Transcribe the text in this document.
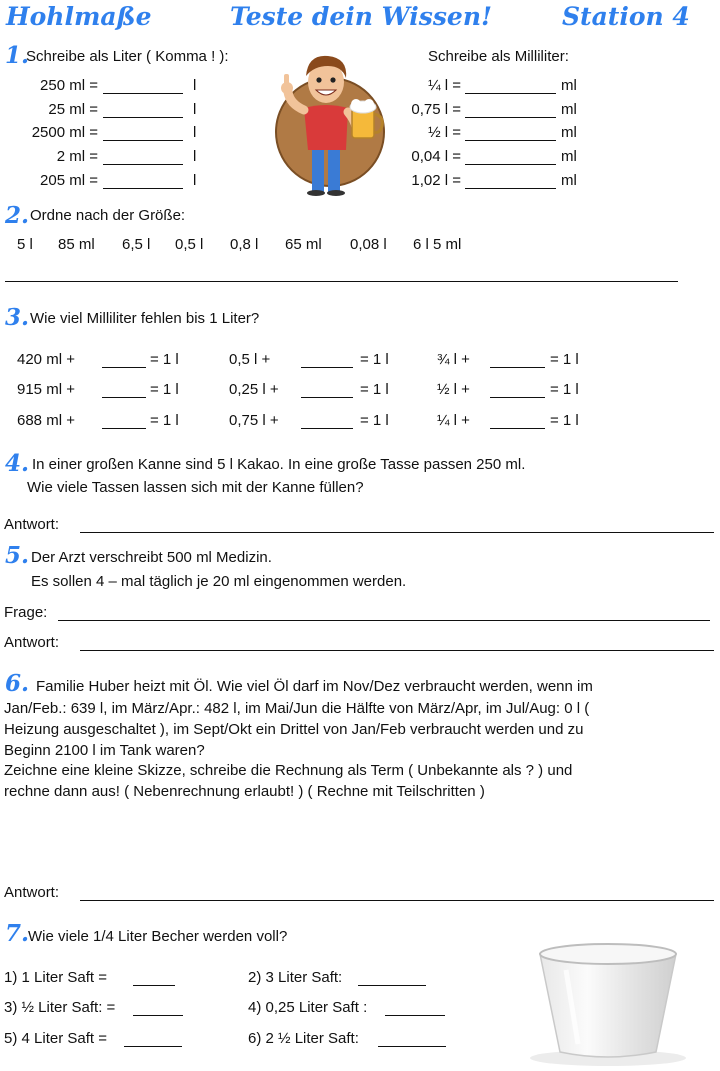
Hohlmaße	Teste dein Wissen!	Station 4
1.
Schreibe als Liter ( Komma ! ):	Schreibe als Milliliter:
250 ml =	l
25 ml =	l
2500 ml =	l
2 ml =	l
205 ml =	l
¼ l =	ml
0,75 l =	ml
½ l =	ml
0,04 l =	ml
1,02 l =	ml
2. Ordne nach der Größe:
5 l 85 ml 6,5 l 0,5 l 0,8 l 65 ml 0,08 l 6 l 5 ml
3. Wie viel Milliliter fehlen bis 1 Liter?
420 ml +	= 1 l	0,5 l +	= 1 l	¾ l +	= 1 l
915 ml +	= 1 l	0,25 l +	= 1 l	½ l +	= 1 l
688 ml +	= 1 l	0,75 l +	= 1 l	¼ l +	= 1 l
4. In einer großen Kanne sind 5 l Kakao. In eine große Tasse passen 250 ml.
Wie viele Tassen lassen sich mit der Kanne füllen?
Antwort:
5. Der Arzt verschreibt 500 ml Medizin.
Es sollen 4 – mal täglich je 20 ml eingenommen werden.
Frage:
Antwort:
6. Familie Huber heizt mit Öl. Wie viel Öl darf im Nov/Dez verbraucht werden, wenn im
Jan/Feb.: 639 l, im März/Apr.: 482 l, im Mai/Jun die Hälfte von März/Apr, im Jul/Aug: 0 l (
Heizung ausgeschaltet ), im Sept/Okt ein Drittel von Jan/Feb verbraucht werden und zu
Beginn 2100 l im Tank waren?
Zeichne eine kleine Skizze, schreibe die Rechnung als Term ( Unbekannte als ? ) und
rechne dann aus! ( Nebenrechnung erlaubt! ) ( Rechne mit Teilschritten )
Antwort:
7.
Wie viele 1/4 Liter Becher werden voll?
1) 1 Liter Saft =	2) 3 Liter Saft:
3) ½ Liter Saft: =	4) 0,25 Liter Saft :
5) 4 Liter Saft =	6) 2 ½ Liter Saft:
